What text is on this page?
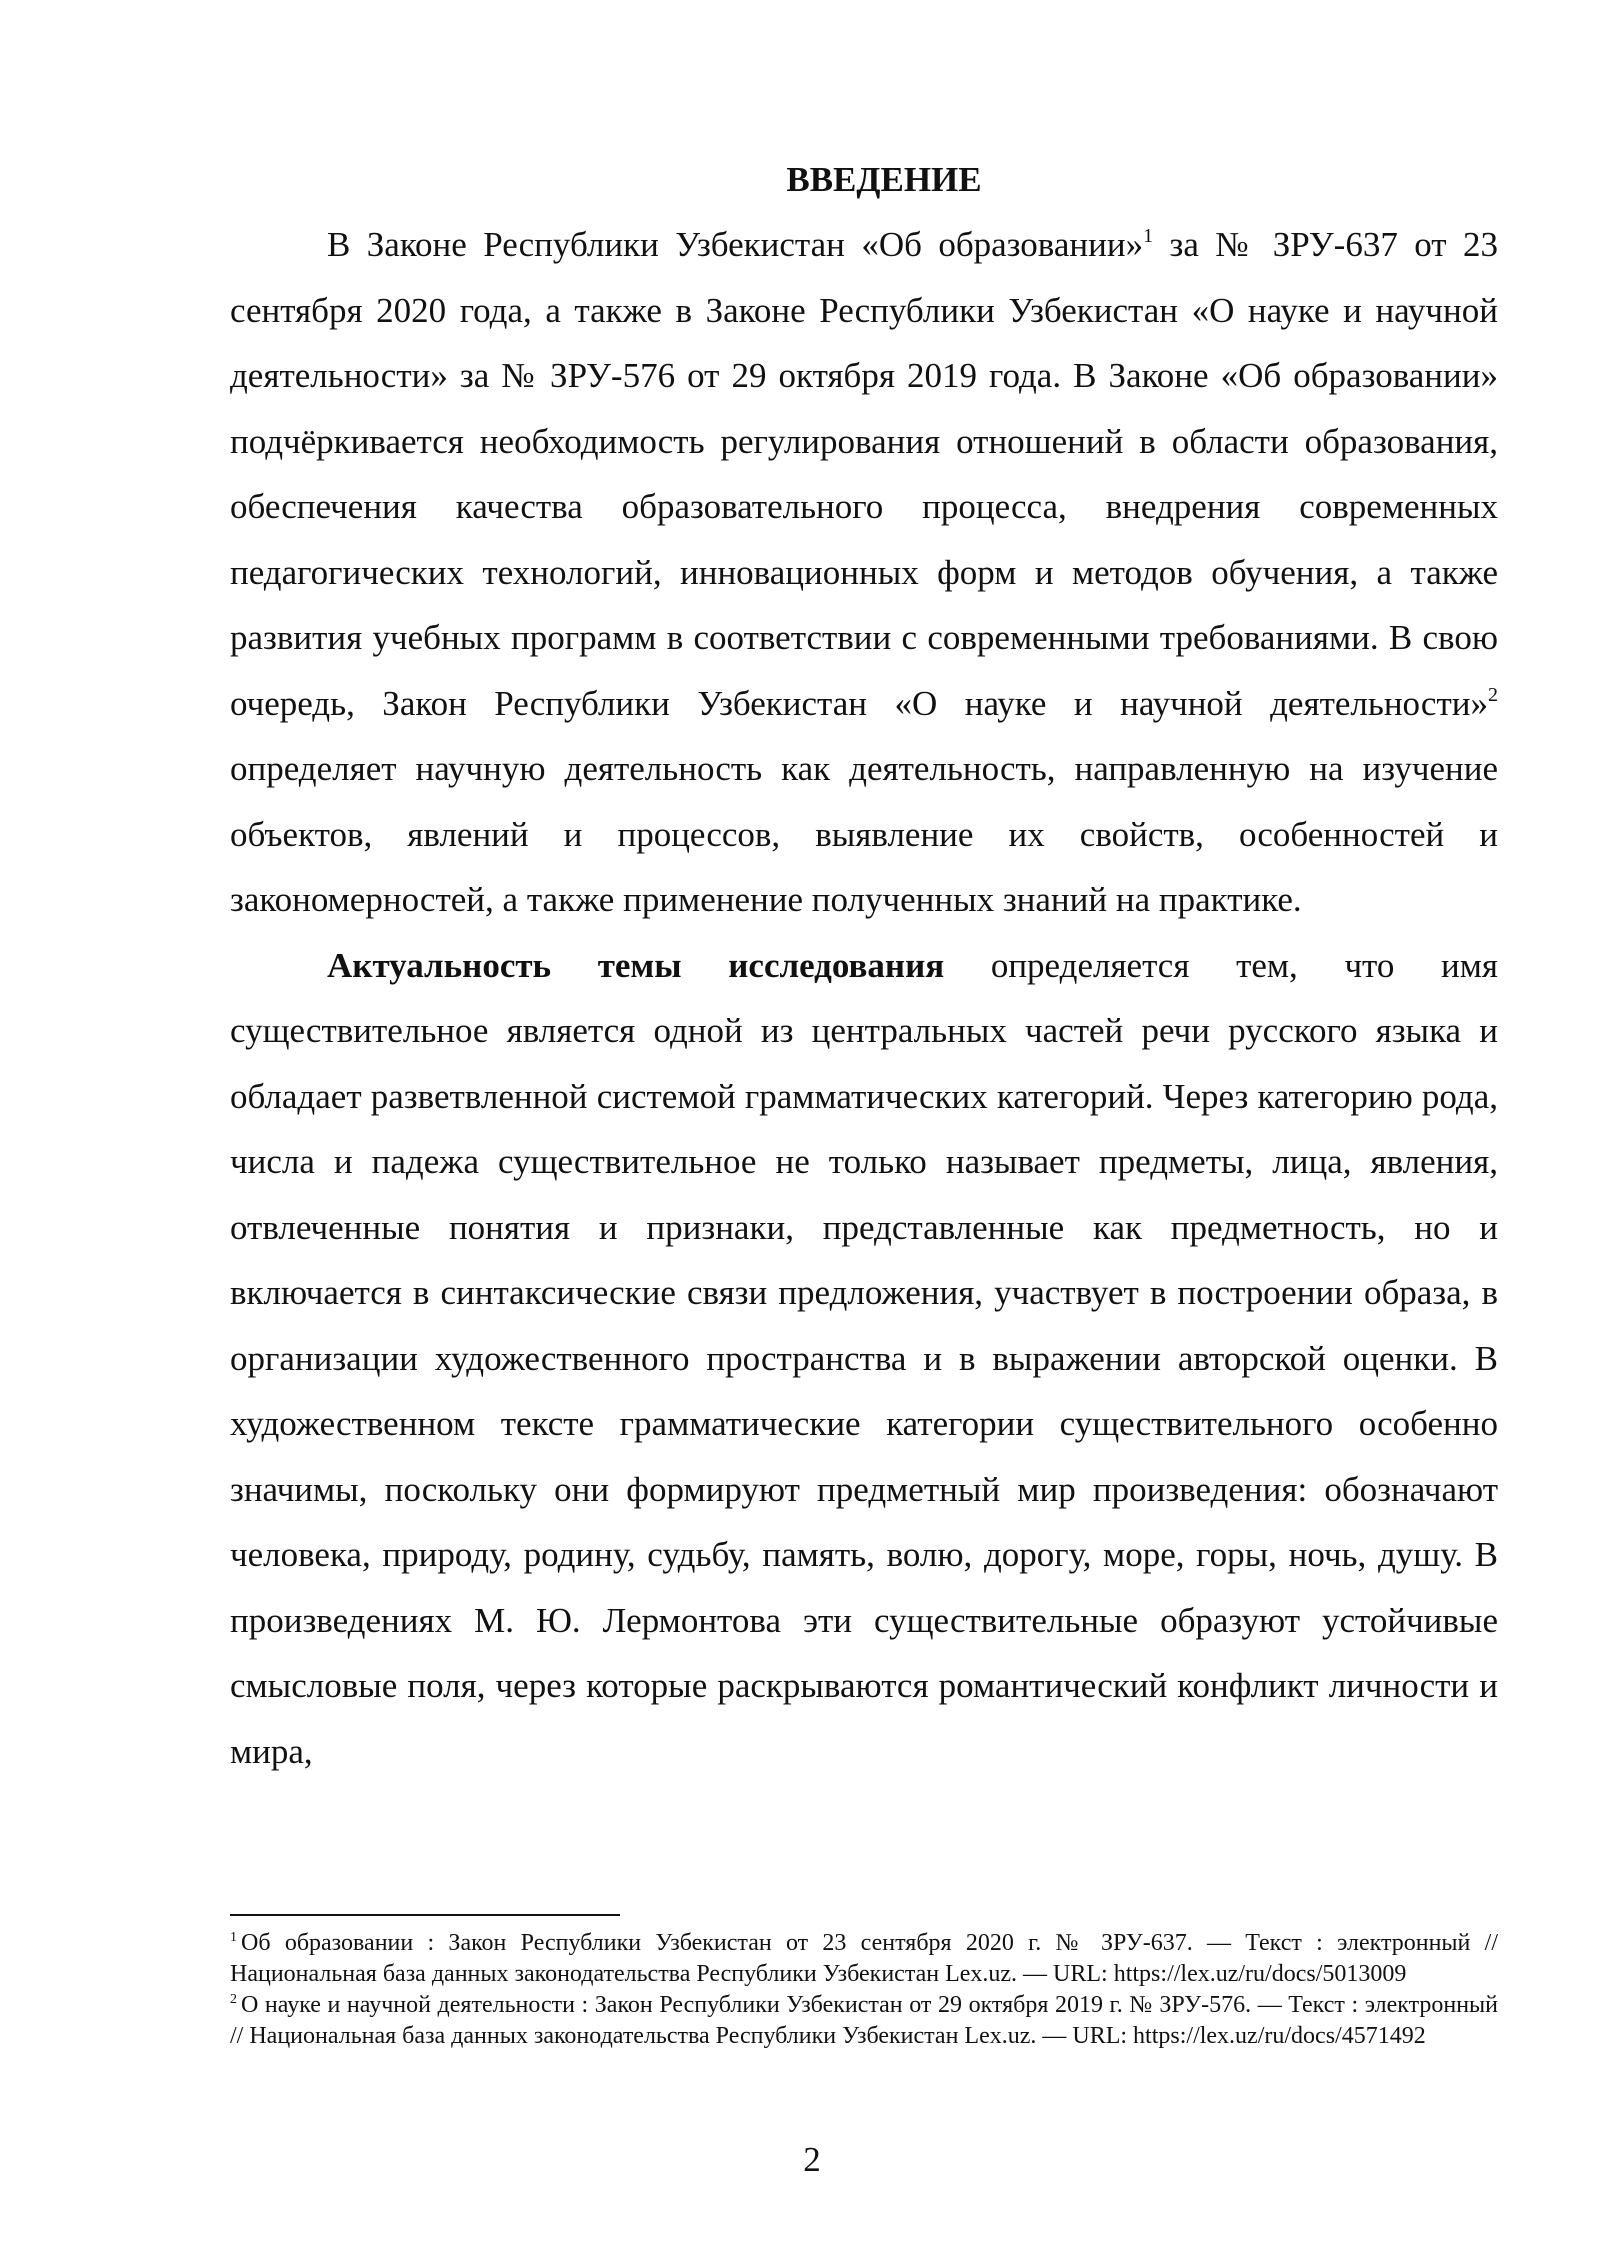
ВВЕДЕНИЕ

В Законе Республики Узбекистан «Об образовании»$^1$ за № ЗРУ-637 от 23 сентября 2020 года, а также в Законе Республики Узбекистан «О науке и научной деятельности» за № ЗРУ-576 от 29 октября 2019 года. В Законе «Об образовании» подчёркивается необходимость регулирования отношений в области образования, обеспечения качества образовательного процесса, внедрения современных педагогических технологий, инновационных форм и методов обучения, а также развития учебных программ в соответствии с современными требованиями. В свою очередь, Закон Республики Узбекистан «О науке и научной деятельности»$^2$ определяет научную деятельность как деятельность, направленную на изучение объектов, явлений и процессов, выявление их свойств, особенностей и закономерностей, а также применение полученных знаний на практике.

Актуальность темы исследования определяется тем, что имя существительное является одной из центральных частей речи русского языка и обладает разветвленной системой грамматических категорий. Через категорию рода, числа и падежа существительное не только называет предметы, лица, явления, отвлеченные понятия и признаки, представленные как предметность, но и включается в синтаксические связи предложения, участвует в построении образа, в организации художественного пространства и в выражении авторской оценки. В художественном тексте грамматические категории существительного особенно значимы, поскольку они формируют предметный мир произведения: обозначают человека, природу, родину, судьбу, память, волю, дорогу, море, горы, ночь, душу. В произведениях М. Ю. Лермонтова эти существительные образуют устойчивые смысловые поля, через которые раскрываются романтический конфликт личности и мира,

$^1$ Об образовании : Закон Республики Узбекистан от 23 сентября 2020 г. № ЗРУ-637. — Текст : электронный // Национальная база данных законодательства Республики Узбекистан Lex.uz. — URL: https://lex.uz/ru/docs/5013009

$^2$ О науке и научной деятельности : Закон Республики Узбекистан от 29 октября 2019 г. № ЗРУ-576. — Текст : электронный // Национальная база данных законодательства Республики Узбекистан Lex.uz. — URL: https://lex.uz/ru/docs/4571492

2
